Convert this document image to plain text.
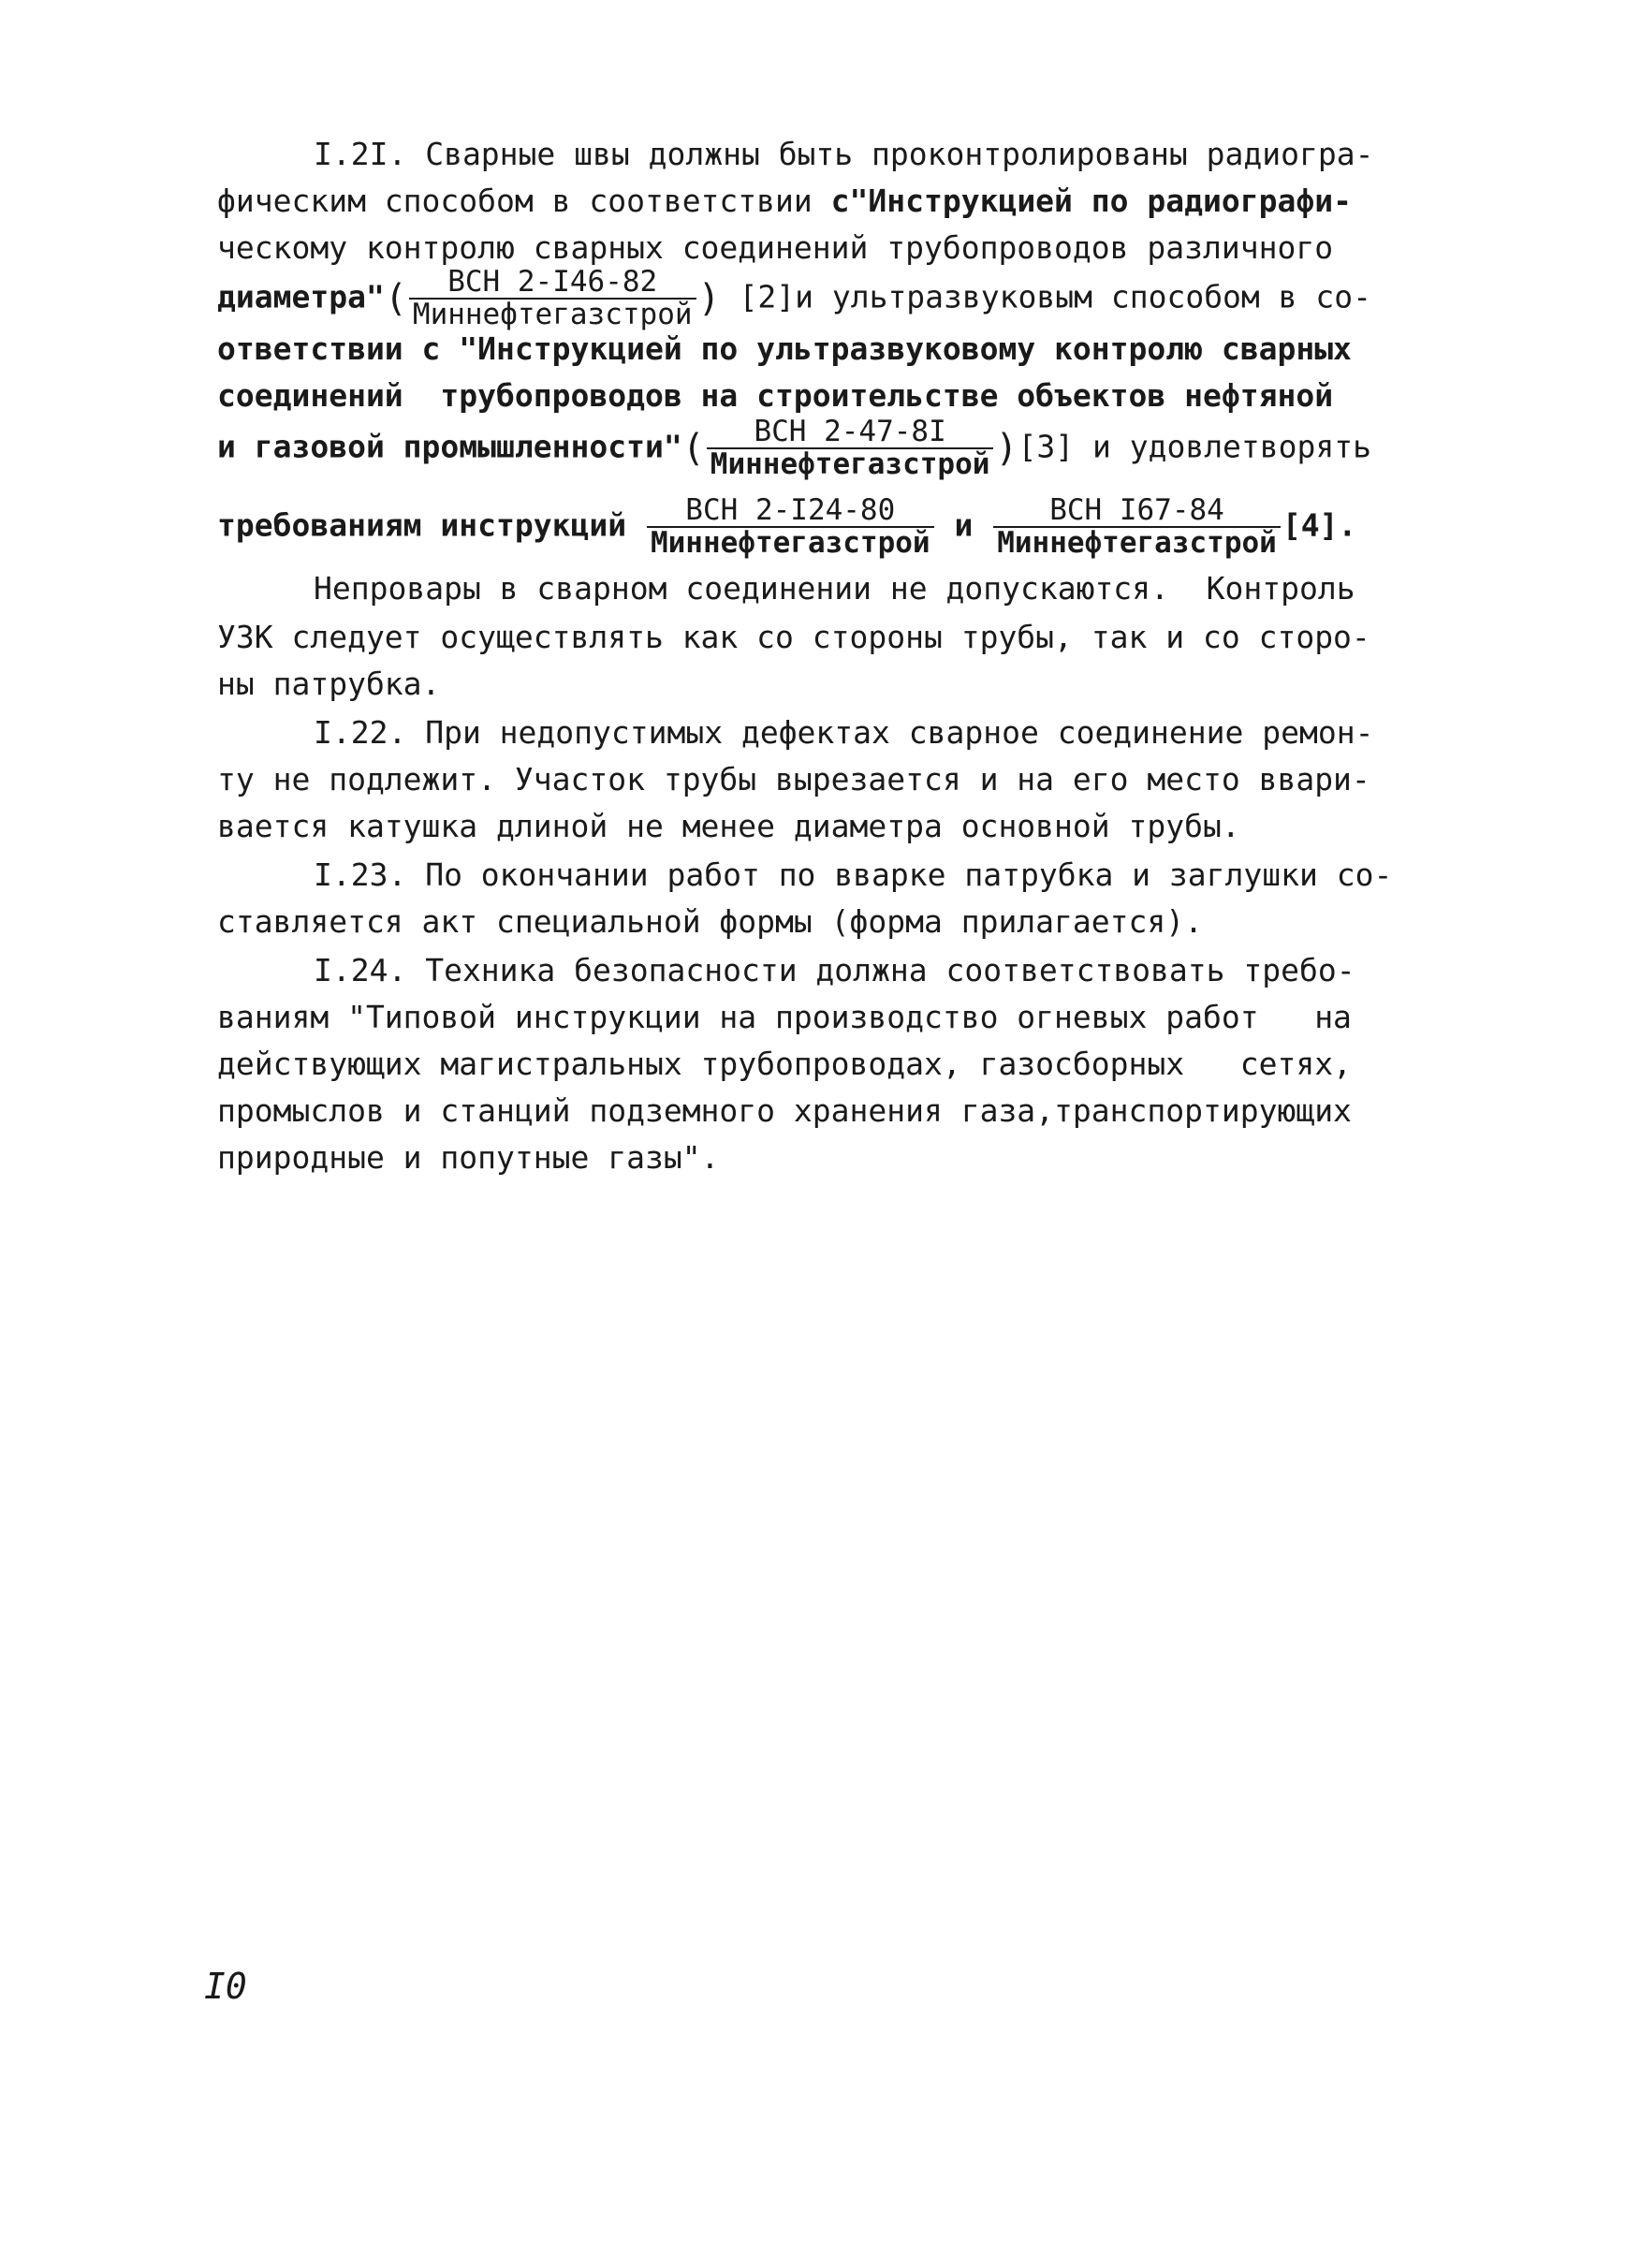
I.2I. Сварные швы должны быть проконтролированы радиогра-
фическим способом в соответствии с"Инструкцией по радиографи-
ческому контролю сварных соединений трубопроводов различного
диаметра"( $\frac{\text{ВСН 2-I46-82}}{\text{Миннефтегазстрой}}$ ) [2]и ультразвуковым способом в со-
ответствии с "Инструкцией по ультразвуковому контролю сварных
соединений  трубопроводов на строительстве объектов нефтяной
и газовой промышленности"( $\frac{\text{ВСН 2-47-8I}}{\text{Миннефтегазстрой}} )[3]$ и удовлетворять
требованиям инструкций $\frac{\text{ВСН 2-I24-80}}{\text{Миннефтегазстрой}}$ и $\frac{\text{ВСН I67-84}}{\text{Миннефтегазстрой}} [4]$.
Непровары в сварном соединении не допускаются.  Контроль
УЗК следует осуществлять как со стороны трубы, так и со сторо-
ны патрубка.
I.22. При недопустимых дефектах сварное соединение ремон-
ту не подлежит. Участок трубы вырезается и на его место ввари-
вается катушка длиной не менее диаметра основной трубы.
I.23. По окончании работ по вварке патрубка и заглушки со-
ставляется акт специальной формы (форма прилагается).
I.24. Техника безопасности должна соответствовать требо-
ваниям "Типовой инструкции на производство огневых работ   на
действующих магистральных трубопроводах, газосборных   сетях,
промыслов и станций подземного хранения газа,транспортирующих
природные и попутные газы".
I0
